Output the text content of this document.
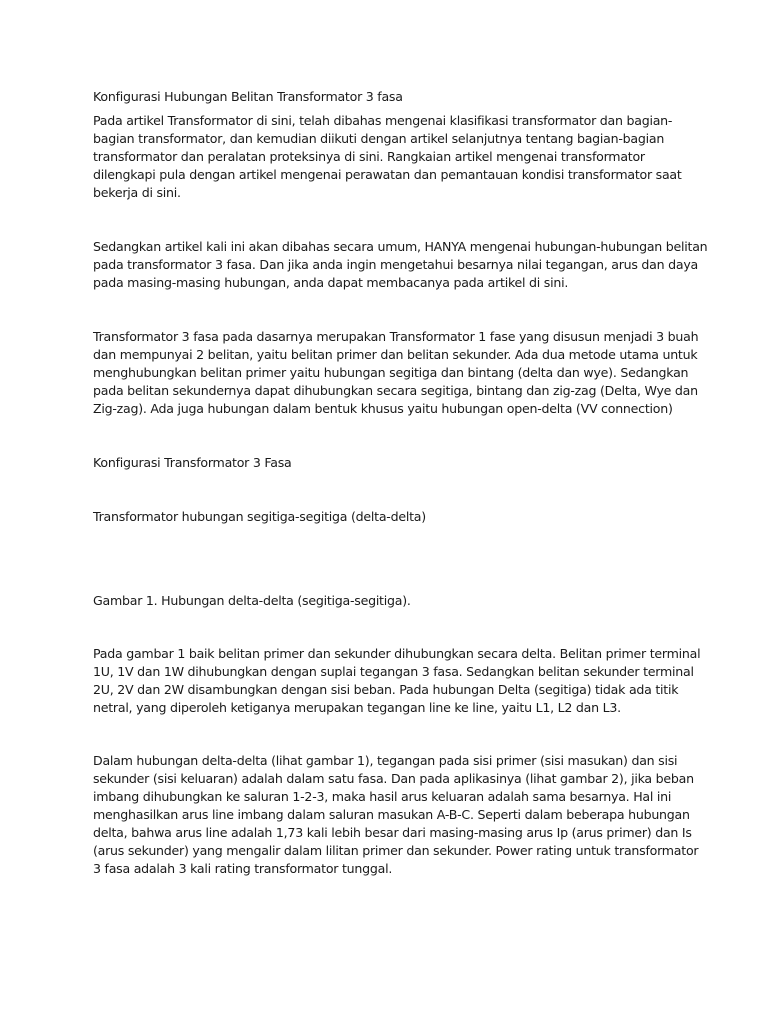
Konfigurasi Hubungan Belitan Transformator 3 fasa
Pada artikel Transformator di sini, telah dibahas mengenai klasifikasi transformator dan bagian-
bagian transformator, dan kemudian diikuti dengan artikel selanjutnya tentang bagian-bagian
transformator dan peralatan proteksinya di sini. Rangkaian artikel mengenai transformator
dilengkapi pula dengan artikel mengenai perawatan dan pemantauan kondisi transformator saat
bekerja di sini.
Sedangkan artikel kali ini akan dibahas secara umum, HANYA mengenai hubungan-hubungan belitan
pada transformator 3 fasa. Dan jika anda ingin mengetahui besarnya nilai tegangan, arus dan daya
pada masing-masing hubungan, anda dapat membacanya pada artikel di sini.
Transformator 3 fasa pada dasarnya merupakan Transformator 1 fase yang disusun menjadi 3 buah
dan mempunyai 2 belitan, yaitu belitan primer dan belitan sekunder. Ada dua metode utama untuk
menghubungkan belitan primer yaitu hubungan segitiga dan bintang (delta dan wye). Sedangkan
pada belitan sekundernya dapat dihubungkan secara segitiga, bintang dan zig-zag (Delta, Wye dan
Zig-zag). Ada juga hubungan dalam bentuk khusus yaitu hubungan open-delta (VV connection)
Konfigurasi Transformator 3 Fasa
Transformator hubungan segitiga-segitiga (delta-delta)
Gambar 1. Hubungan delta-delta (segitiga-segitiga).
Pada gambar 1 baik belitan primer dan sekunder dihubungkan secara delta. Belitan primer terminal
1U, 1V dan 1W dihubungkan dengan suplai tegangan 3 fasa. Sedangkan belitan sekunder terminal
2U, 2V dan 2W disambungkan dengan sisi beban. Pada hubungan Delta (segitiga) tidak ada titik
netral, yang diperoleh ketiganya merupakan tegangan line ke line, yaitu L1, L2 dan L3.
Dalam hubungan delta-delta (lihat gambar 1), tegangan pada sisi primer (sisi masukan) dan sisi
sekunder (sisi keluaran) adalah dalam satu fasa. Dan pada aplikasinya (lihat gambar 2), jika beban
imbang dihubungkan ke saluran 1-2-3, maka hasil arus keluaran adalah sama besarnya. Hal ini
menghasilkan arus line imbang dalam saluran masukan A-B-C. Seperti dalam beberapa hubungan
delta, bahwa arus line adalah 1,73 kali lebih besar dari masing-masing arus Ip (arus primer) dan Is
(arus sekunder) yang mengalir dalam lilitan primer dan sekunder. Power rating untuk transformator
3 fasa adalah 3 kali rating transformator tunggal.
